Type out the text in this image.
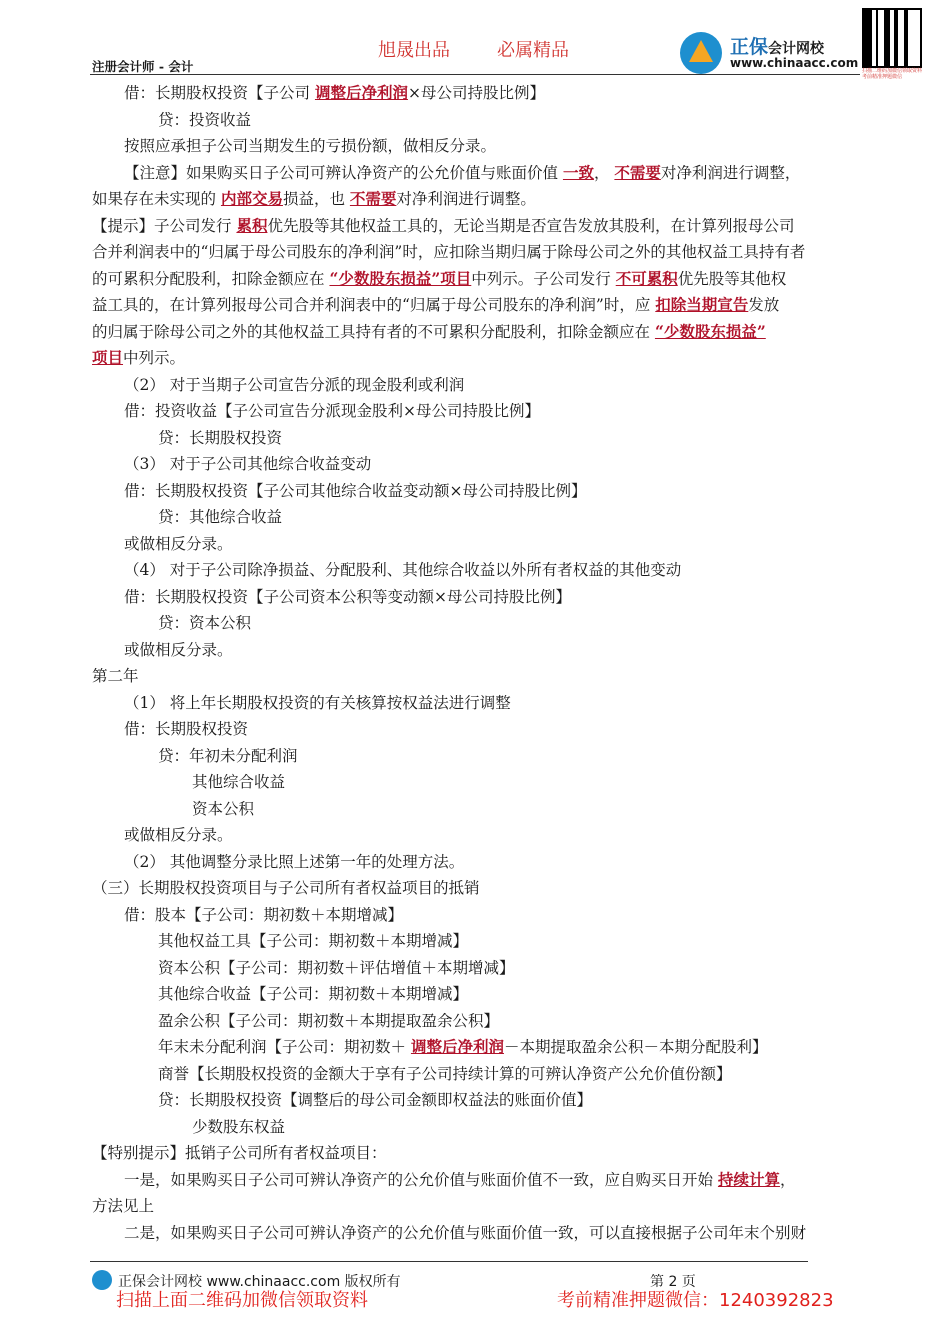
旭晟出品	必属精品
注册会计师 - 会计
正保会计网校
www.chinaacc.com
扫描二维码加微信领取资料 考前精准押题微信
借：长期股权投资【子公司 调整后净利润×母公司持股比例】
贷：投资收益
按照应承担子公司当期发生的亏损份额，做相反分录。
【注意】如果购买日子公司可辨认净资产的公允价值与账面价值 一致， 不需要对净利润进行调整，
如果存在未实现的 内部交易损益，也 不需要对净利润进行调整。
【提示】子公司发行 累积优先股等其他权益工具的，无论当期是否宣告发放其股利，在计算列报母公司
合并利润表中的“归属于母公司股东的净利润”时，应扣除当期归属于除母公司之外的其他权益工具持有者
的可累积分配股利，扣除金额应在 “少数股东损益”项目中列示。子公司发行 不可累积优先股等其他权
益工具的，在计算列报母公司合并利润表中的“归属于母公司股东的净利润”时，应 扣除当期宣告发放
的归属于除母公司之外的其他权益工具持有者的不可累积分配股利，扣除金额应在 “少数股东损益”
项目中列示。
（2） 对于当期子公司宣告分派的现金股利或利润
借：投资收益【子公司宣告分派现金股利×母公司持股比例】
贷：长期股权投资
（3） 对于子公司其他综合收益变动
借：长期股权投资【子公司其他综合收益变动额×母公司持股比例】
贷：其他综合收益
或做相反分录。
（4） 对于子公司除净损益、分配股利、其他综合收益以外所有者权益的其他变动
借：长期股权投资【子公司资本公积等变动额×母公司持股比例】
贷：资本公积
或做相反分录。
第二年
（1） 将上年长期股权投资的有关核算按权益法进行调整
借：长期股权投资
贷：年初未分配利润
其他综合收益
资本公积
或做相反分录。
（2） 其他调整分录比照上述第一年的处理方法。
（三）长期股权投资项目与子公司所有者权益项目的抵销
借：股本【子公司：期初数＋本期增减】
其他权益工具【子公司：期初数＋本期增减】
资本公积【子公司：期初数＋评估增值＋本期增减】
其他综合收益【子公司：期初数＋本期增减】
盈余公积【子公司：期初数＋本期提取盈余公积】
年末未分配利润【子公司：期初数＋ 调整后净利润－本期提取盈余公积－本期分配股利】
商誉【长期股权投资的金额大于享有子公司持续计算的可辨认净资产公允价值份额】
贷：长期股权投资【调整后的母公司金额即权益法的账面价值】
少数股东权益
【特别提示】抵销子公司所有者权益项目：
一是，如果购买日子公司可辨认净资产的公允价值与账面价值不一致，应自购买日开始 持续计算，
方法见上
二是，如果购买日子公司可辨认净资产的公允价值与账面价值一致，可以直接根据子公司年末个别财
正保会计网校 www.chinaacc.com 版权所有	第 2 页
扫描上面二维码加微信领取资料	考前精准押题微信：1240392823
